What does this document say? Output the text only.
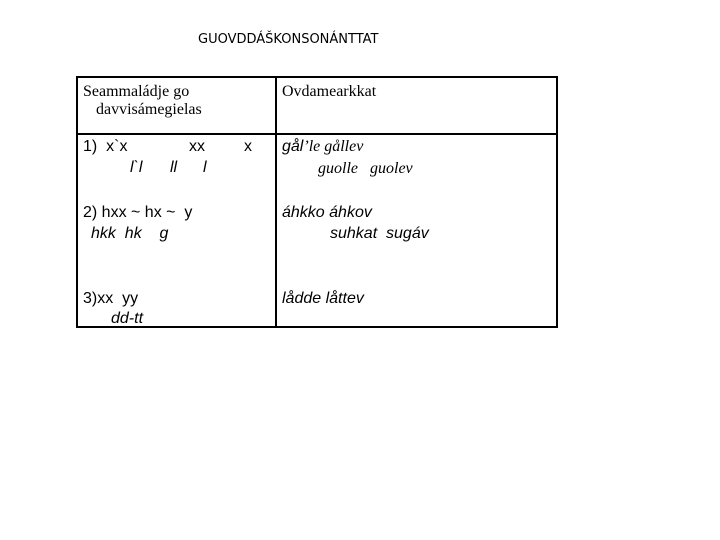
GUOVDDÁŠKONSONÁNTTAT
Seammaládje go
davvisámegielas
Ovdamearkkat
1)  x`x	xx x
l`l ll l
gål’le gållev
guolle   guolev
2) hxx ~ hx ~  y
hkk  hk    g
áhkko áhkov
suhkat  sugáv
3)xx  yy
dd-tt
lådde låttev
